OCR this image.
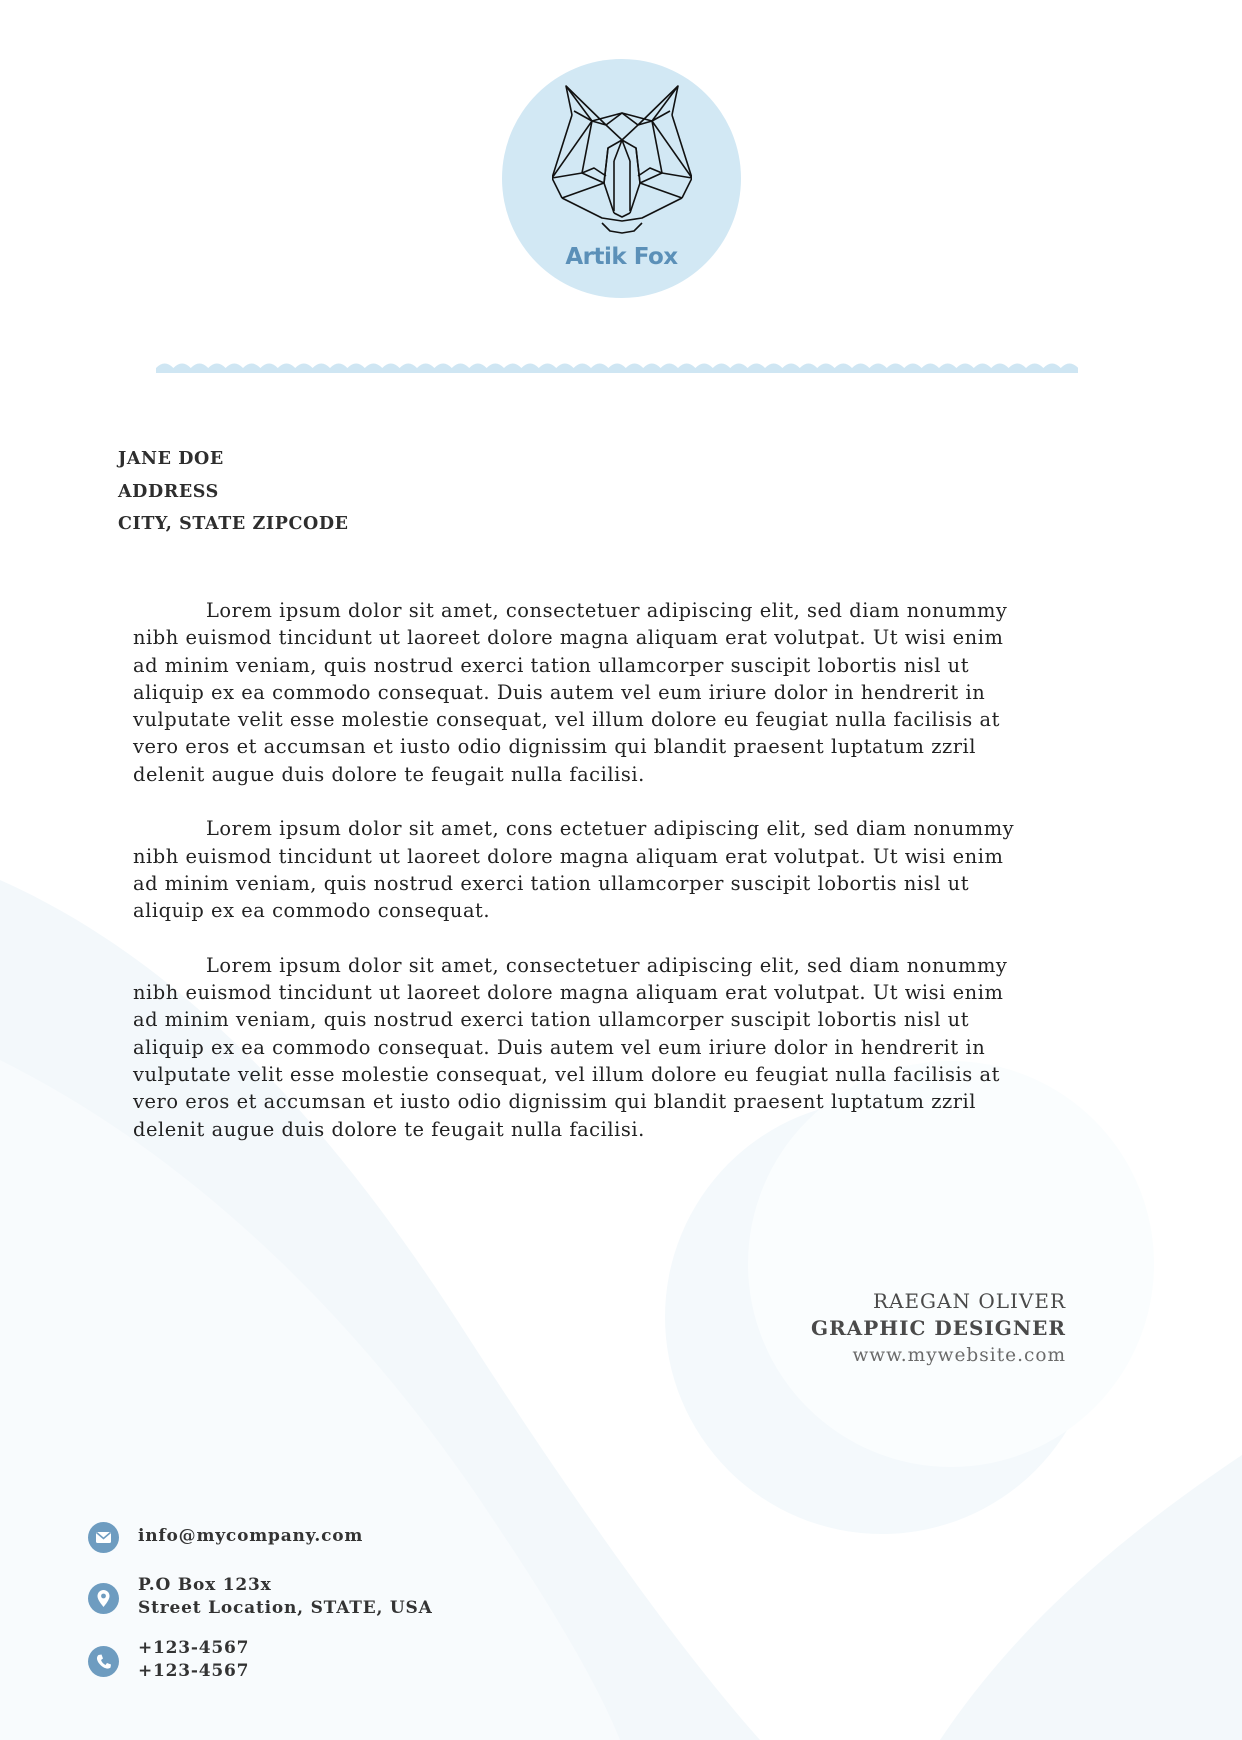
Artik Fox
JANE DOE
ADDRESS
CITY, STATE ZIPCODE

Lorem ipsum dolor sit amet, consectetuer adipiscing elit, sed diam nonummy nibh euismod tincidunt ut laoreet dolore magna aliquam erat volutpat. Ut wisi enim ad minim veniam, quis nostrud exerci tation ullamcorper suscipit lobortis nisl ut aliquip ex ea commodo consequat. Duis autem vel eum iriure dolor in hendrerit in vulputate velit esse molestie consequat, vel illum dolore eu feugiat nulla facilisis at vero eros et accumsan et iusto odio dignissim qui blandit praesent luptatum zzril delenit augue duis dolore te feugait nulla facilisi.

Lorem ipsum dolor sit amet, cons ectetuer adipiscing elit, sed diam nonummy nibh euismod tincidunt ut laoreet dolore magna aliquam erat volutpat. Ut wisi enim ad minim veniam, quis nostrud exerci tation ullamcorper suscipit lobortis nisl ut aliquip ex ea commodo consequat.

Lorem ipsum dolor sit amet, consectetuer adipiscing elit, sed diam nonummy nibh euismod tincidunt ut laoreet dolore magna aliquam erat volutpat. Ut wisi enim ad minim veniam, quis nostrud exerci tation ullamcorper suscipit lobortis nisl ut aliquip ex ea commodo consequat. Duis autem vel eum iriure dolor in hendrerit in vulputate velit esse molestie consequat, vel illum dolore eu feugiat nulla facilisis at vero eros et accumsan et iusto odio dignissim qui blandit praesent luptatum zzril delenit augue duis dolore te feugait nulla facilisi.

RAEGAN OLIVER
GRAPHIC DESIGNER
www.mywebsite.com
info@mycompany.com
P.O Box 123x
Street Location, STATE, USA
+123-4567
+123-4567
